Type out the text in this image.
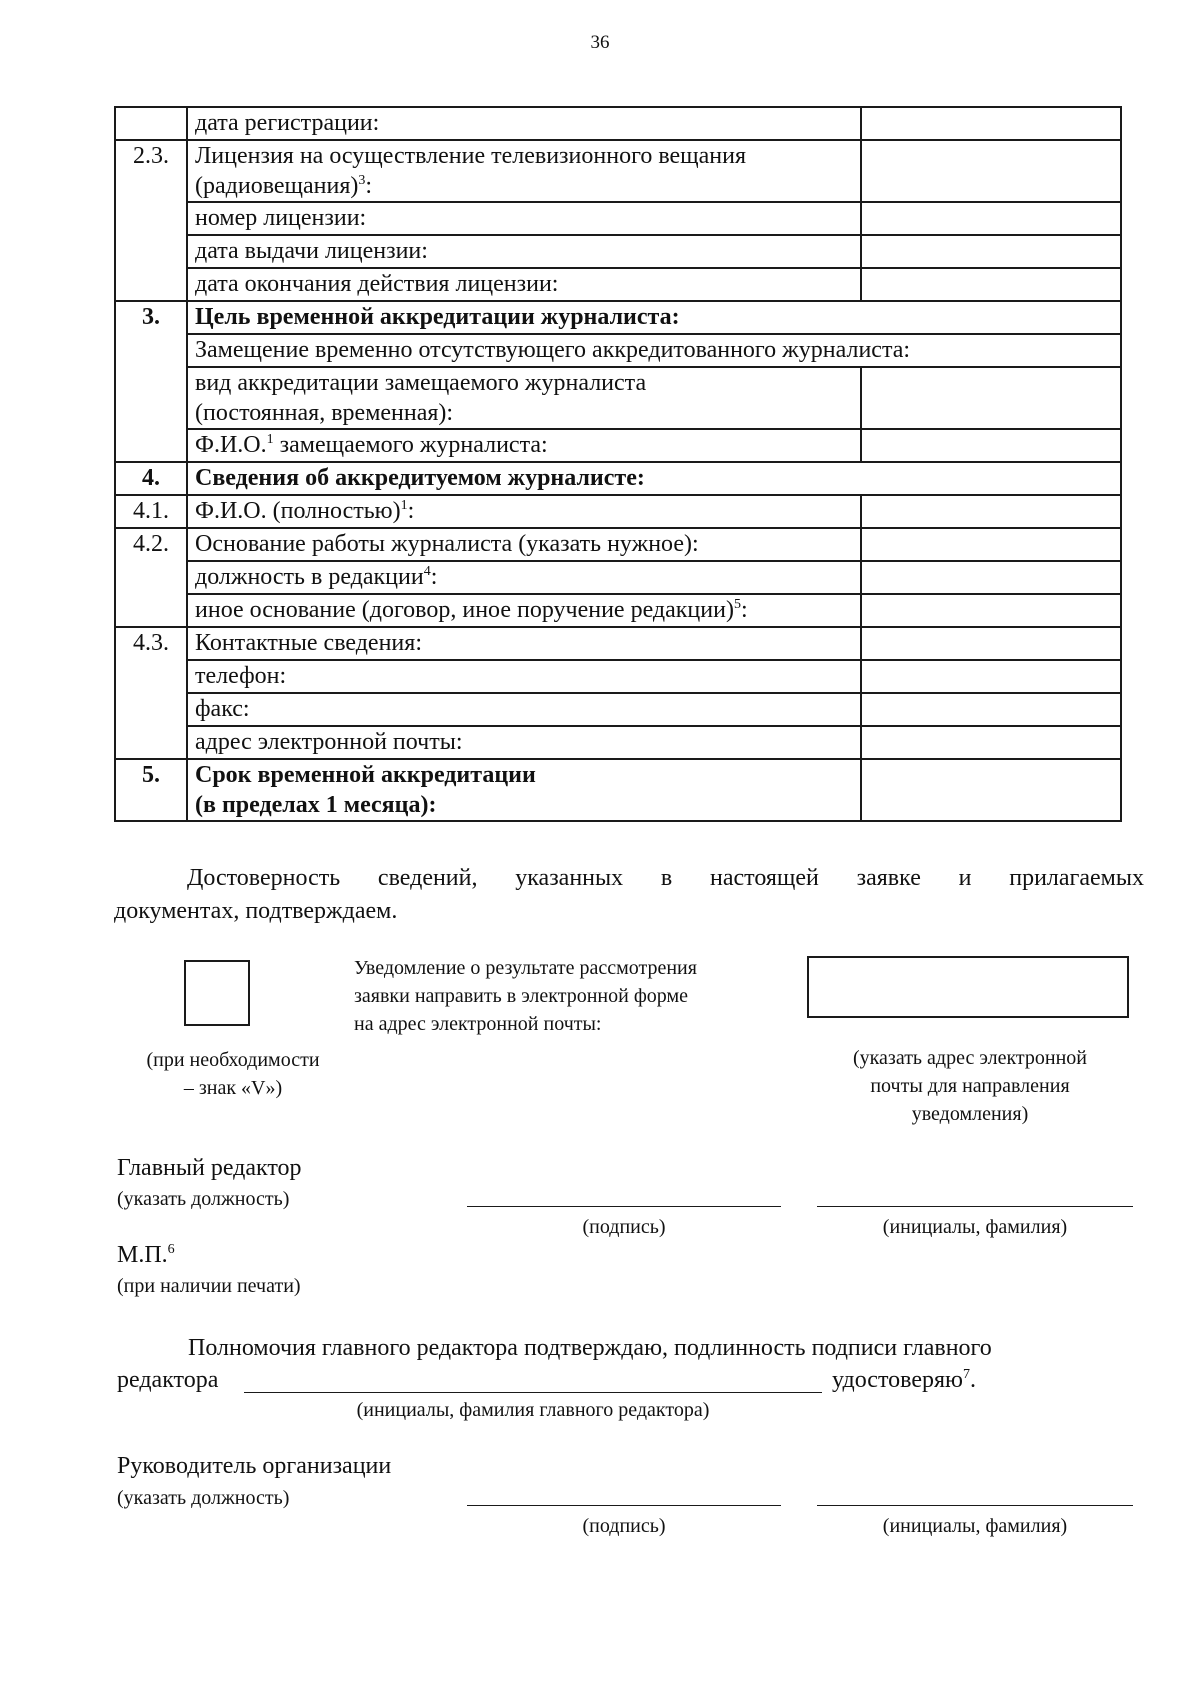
36
	дата регистрации:	
2.3.	Лицензия на осуществление телевизионного вещания
(радиовещания)$^3$:	
	номер лицензии:	
	дата выдачи лицензии:	
	дата окончания действия лицензии:	
3.	Цель временной аккредитации журналиста:	
	Замещение временно отсутствующего аккредитованного журналиста:	
	вид аккредитации замещаемого журналиста
(постоянная, временная):	
	Ф.И.О.$^1$ замещаемого журналиста:	
4.	Сведения об аккредитуемом журналисте:	
4.1.	Ф.И.О. (полностью)$^1$:	
4.2.	Основание работы журналиста (указать нужное):	
	должность в редакции$^4$:	
	иное основание (договор, иное поручение редакции)$^5$:	
4.3.	Контактные сведения:	
	телефон:	
	факс:	
	адрес электронной почты:	
5.	Срок временной аккредитации
(в пределах 1 месяца):	
Достоверность сведений, указанных в настоящей заявке и прилагаемых
документах, подтверждаем.
Уведомление о результате рассмотрения
заявки направить в электронной форме
на адрес электронной почты:
(при необходимости
– знак «V»)
(указать адрес электронной
почты для направления
уведомления)
Главный редактор
(указать должность)
(подпись)	(инициалы, фамилия)
М.П.$^6$
(при наличии печати)
Полномочия главного редактора подтверждаю, подлинность подписи главного
редактора	удостоверяю$^7$.
(инициалы, фамилия главного редактора)
Руководитель организации
(указать должность)
(подпись)	(инициалы, фамилия)
